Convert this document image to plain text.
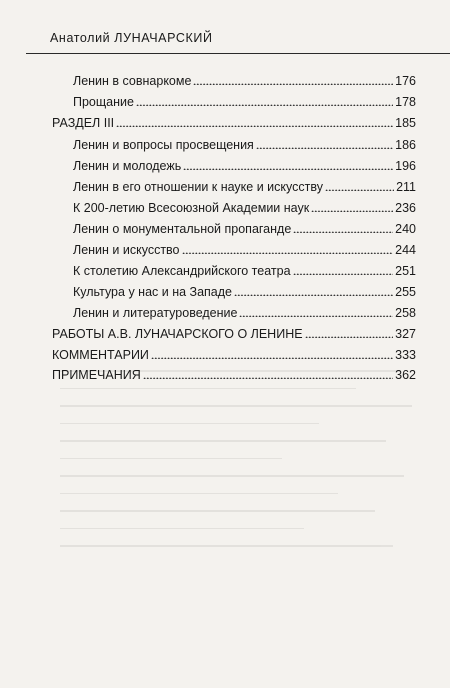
Анатолий ЛУНАЧАРСКИЙ
Ленин в совнаркоме	176
Прощание	178
РАЗДЕЛ III	185
Ленин и вопросы просвещения	186
Ленин и молодежь	196
Ленин в его отношении к науке и искусству	211
К 200-летию Всесоюзной Академии наук	236
Ленин о монументальной пропаганде	240
Ленин и искусство	244
К столетию Александрийского театра	251
Культура у нас и на Западе	255
Ленин и литературоведение	258
РАБОТЫ А.В. ЛУНАЧАРСКОГО О ЛЕНИНЕ	327
КОММЕНТАРИИ	333
ПРИМЕЧАНИЯ	362
